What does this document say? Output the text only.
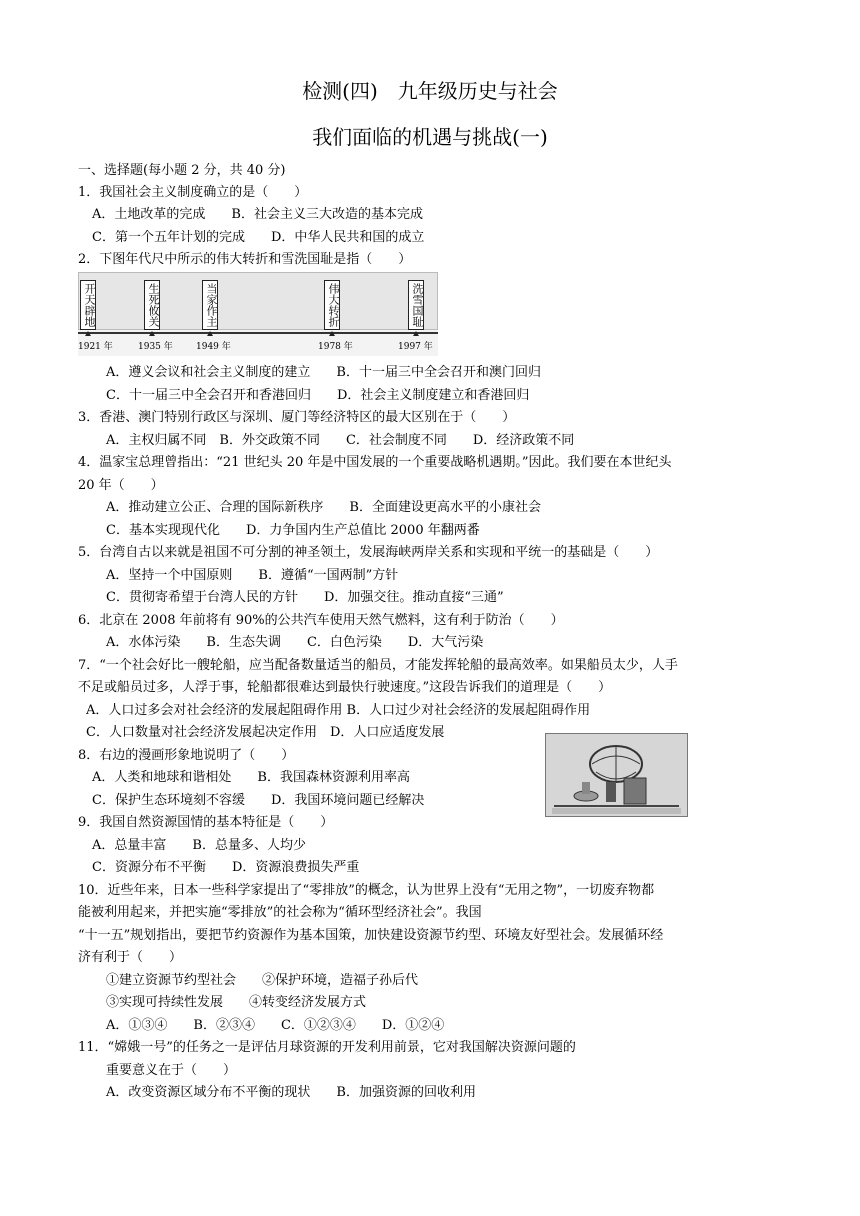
检测(四)　九年级历史与社会
我们面临的机遇与挑战(一)
一、选择题(每小题 2 分，共 40 分)
1．我国社会主义制度确立的是（　　）
A．土地改革的完成　　B．社会主义三大改造的基本完成
C．第一个五年计划的完成　　D．中华人民共和国的成立
2．下图年代尺中所示的伟大转折和雪洗国耻是指（　　）
开天辟地	生死攸关	当家作主	伟大转折	洗雪国耻
1921 年	1935 年	1949 年	1978 年	1997 年
A．遵义会议和社会主义制度的建立　　B．十一届三中全会召开和澳门回归
C．十一届三中全会召开和香港回归　　D．社会主义制度建立和香港回归
3．香港、澳门特别行政区与深圳、厦门等经济特区的最大区别在于（　　）
A．主权归属不同　B．外交政策不同　　C．社会制度不同　　D．经济政策不同
4．温家宝总理曾指出：“21 世纪头 20 年是中国发展的一个重要战略机遇期。”因此。我们要在本世纪头
20 年（　　）
A．推动建立公正、合理的国际新秩序　　B．全面建设更高水平的小康社会
C．基本实现现代化　　D．力争国内生产总值比 2000 年翻两番
5．台湾自古以来就是祖国不可分割的神圣领土，发展海峡两岸关系和实现和平统一的基础是（　　）
A．坚持一个中国原则　　B．遵循“一国两制”方针
C．贯彻寄希望于台湾人民的方针　　D．加强交往。推动直接“三通”
6．北京在 2008 年前将有 90%的公共汽车使用天然气燃料，这有利于防治（　　）
A．水体污染　　B．生态失调　　C．白色污染　　D．大气污染
7．“一个社会好比一艘轮船，应当配备数量适当的船员，才能发挥轮船的最高效率。如果船员太少，人手
不足或船员过多，人浮于事，轮船都很难达到最快行驶速度。”这段告诉我们的道理是（　　）
A．人口过多会对社会经济的发展起阻碍作用 B．人口过少对社会经济的发展起阻碍作用
C．人口数量对社会经济发展起决定作用　D．人口应适度发展
8．右边的漫画形象地说明了（　　）
A．人类和地球和谐相处　　B．我国森林资源利用率高
C．保护生态环境刻不容缓　　D．我国环境问题已经解决
9．我国自然资源国情的基本特征是（　　）
A．总量丰富　　B．总量多、人均少
C．资源分布不平衡　　D．资源浪费损失严重
10．近些年来，日本一些科学家提出了“零排放”的概念，认为世界上没有“无用之物”，一切废弃物都
能被利用起来，并把实施“零排放”的社会称为“循环型经济社会”。我国
“十一五”规划指出，要把节约资源作为基本国策，加快建设资源节约型、环境友好型社会。发展循环经
济有利于（　　）
①建立资源节约型社会　　②保护环境，造福子孙后代
③实现可持续性发展　　④转变经济发展方式
A．①③④　　B．②③④　　C．①②③④　　D．①②④
11．“嫦娥一号”的任务之一是评估月球资源的开发利用前景，它对我国解决资源问题的
重要意义在于（　　）
A．改变资源区域分布不平衡的现状　　B．加强资源的回收利用
